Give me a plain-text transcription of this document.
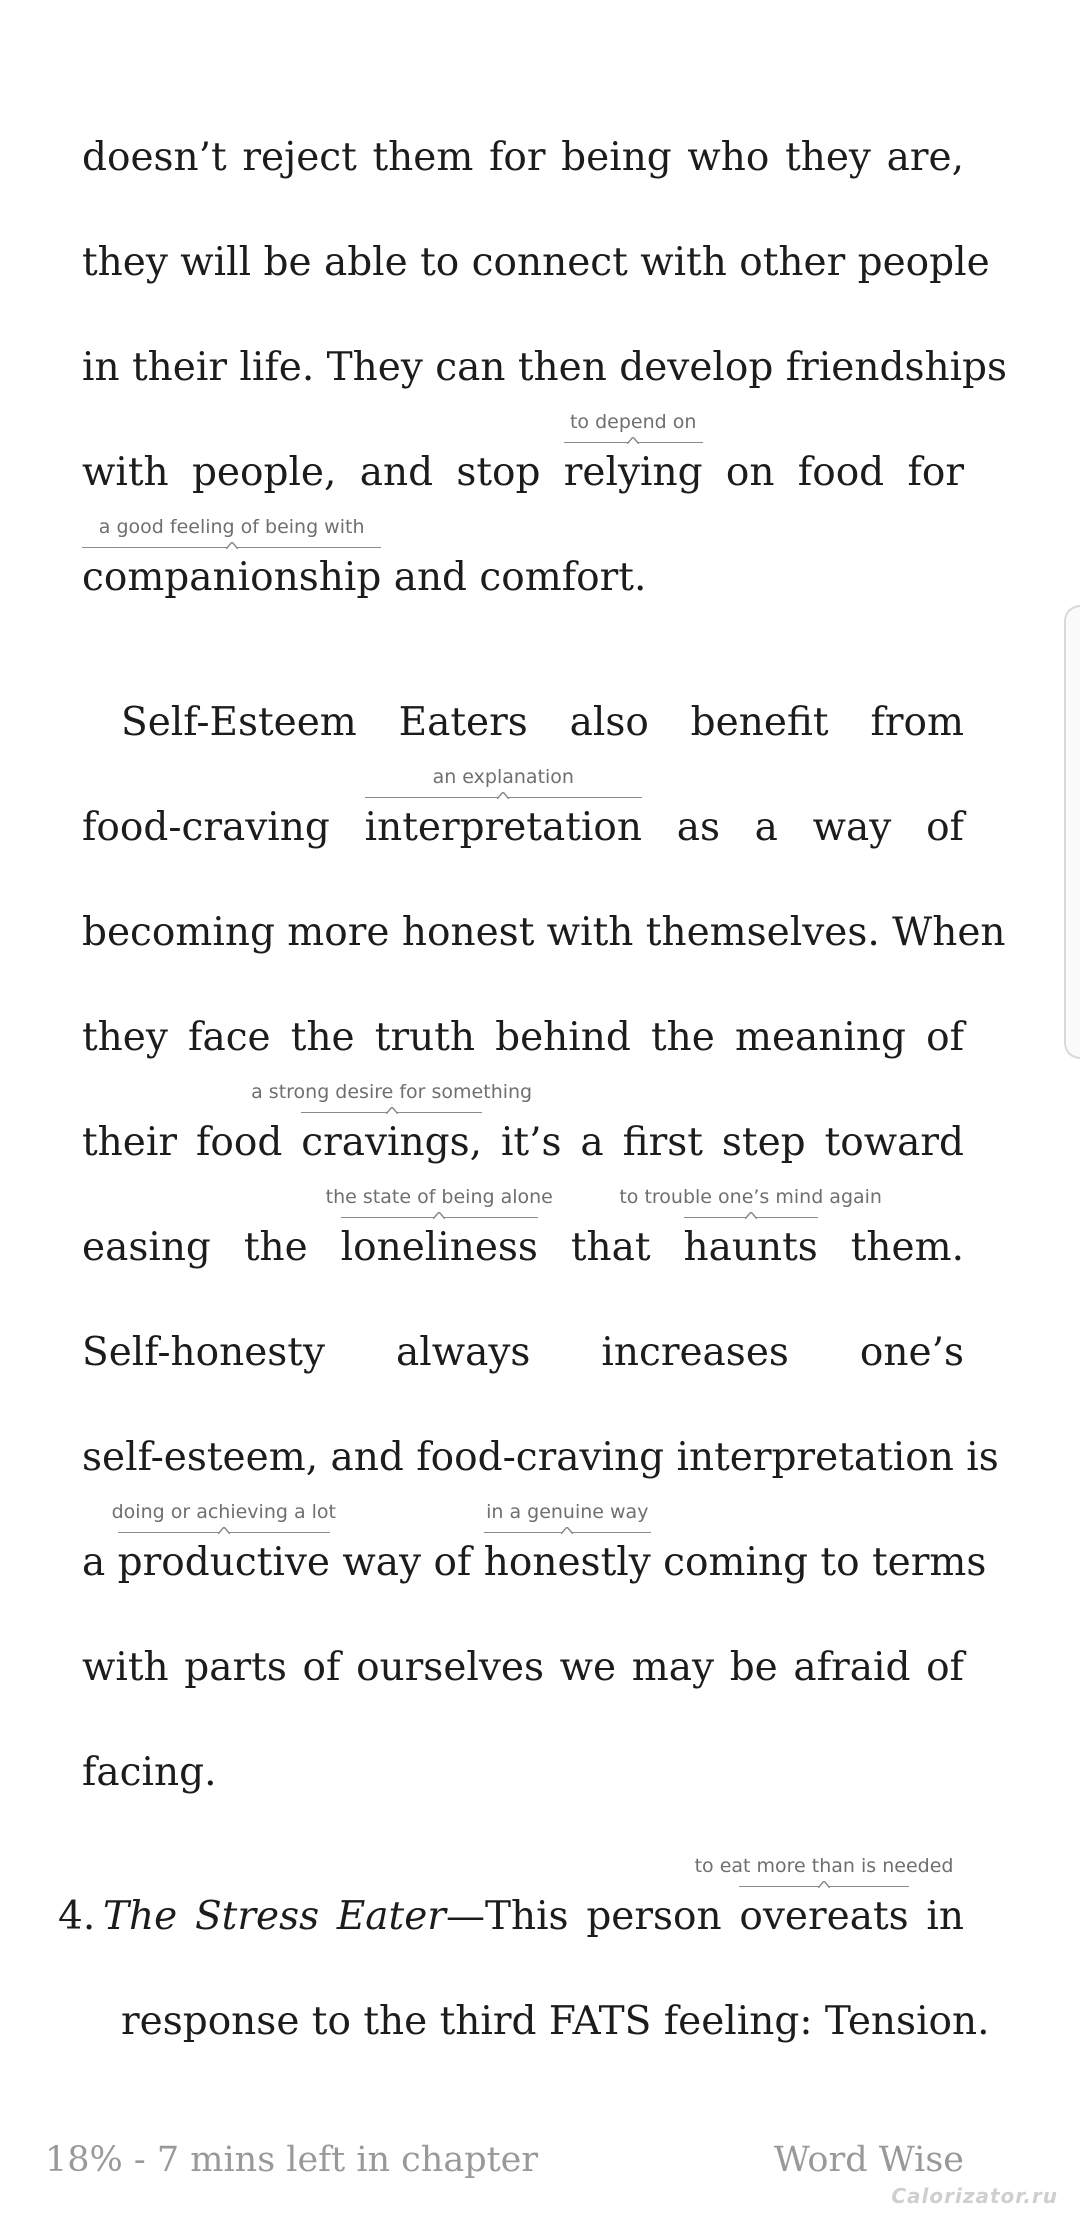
doesn’t reject them for being who they are,
they will be able to connect with other people
in their life. They can then develop friendships
with people, and stop relying
to depend on
on food for
companionship
a good feeling of being with
and comfort.
Self-Esteem Eaters also benefit from
food-craving interpretation
an explanation
as a way of
becoming more honest with themselves. When
they face the truth behind the meaning of
their food cravings,
a strong desire for something
it’s a first step toward
easing the loneliness
the state of being alone
that haunts
to trouble one’s mind again
them.
Self-honesty always increases one’s
self-esteem, and food-craving interpretation is
a productive
doing or achieving a lot
way of honestly
in a genuine way
coming to terms
with parts of ourselves we may be afraid of
facing.
4. The Stress Eater—This person overeats
to eat more than is needed
in
response to the third FATS feeling: Tension.
18% - 7 mins left in chapter	Word Wise
Calorizator.ru
